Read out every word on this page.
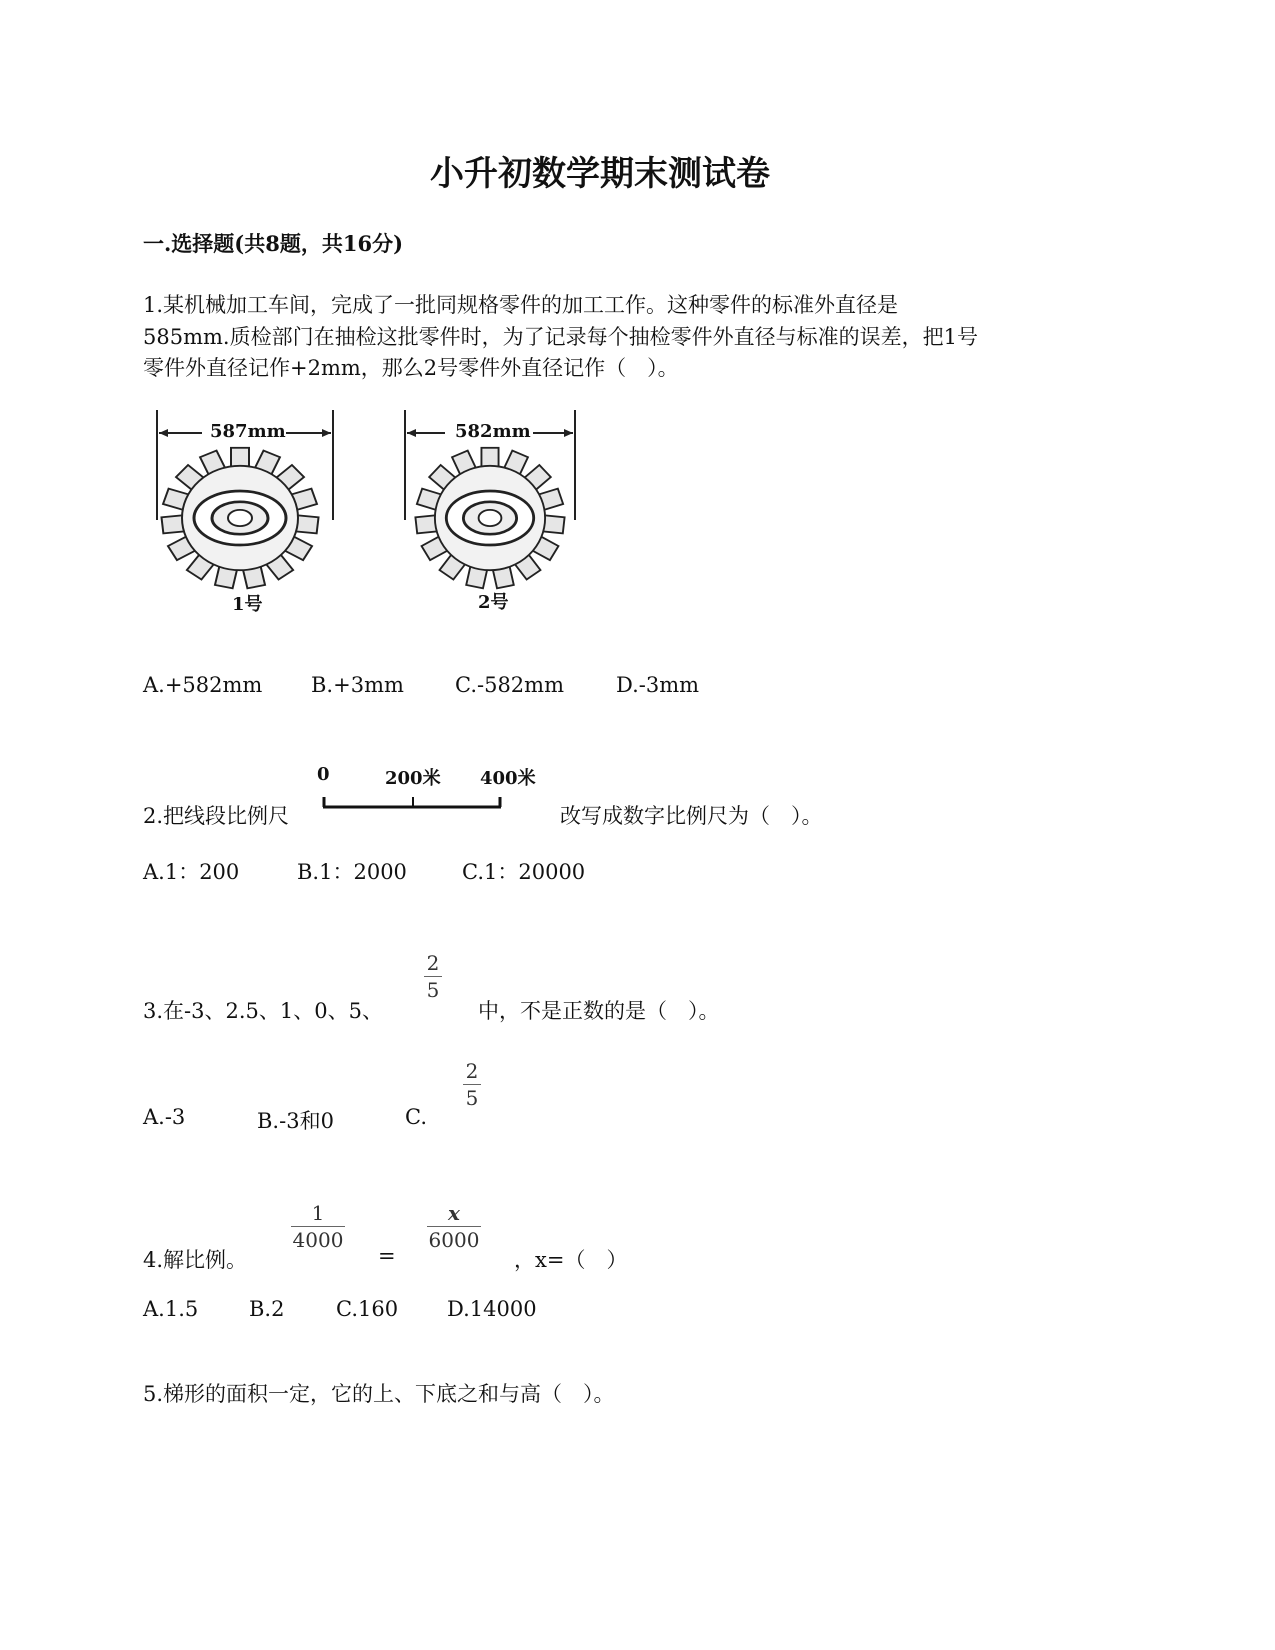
小升初数学期末测试卷
一.选择题(共8题，共16分)
1.某机械加工车间，完成了一批同规格零件的加工工作。这种零件的标准外直径是
585mm.质检部门在抽检这批零件时，为了记录每个抽检零件外直径与标准的误差，把1号
零件外直径记作+2mm，那么2号零件外直径记作（　）。
587mm	582mm
1号	2号
A.+582mm B.+3mm C.-582mm D.-3mm
2.把线段比例尺
0	200米 400米
改写成数字比例尺为（　）。
A.1：200	B.1：2000	C.1：20000
3.在-3、2.5、1、0、5、
2
5
中，不是正数的是（　）。
A.-3	B.-3和0	C.
2
5
4.解比例。
1
4000
=
x
6000
，x=（　）
A.1.5 B.2 C.160 D.14000
5.梯形的面积一定，它的上、下底之和与高（　）。
